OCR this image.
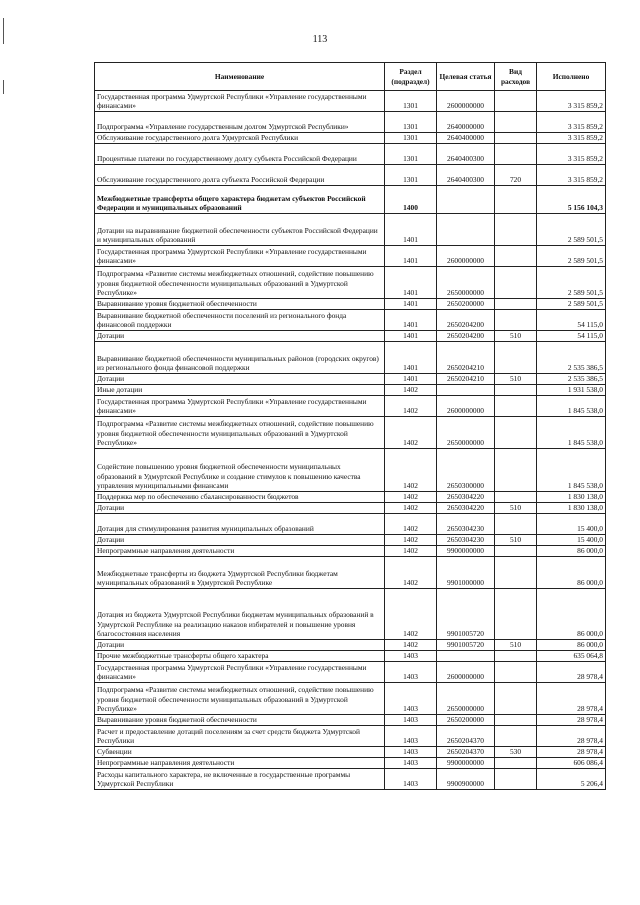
113
Наименование	Раздел (подраздел)	Целевая статья	Вид расходов	Исполнено
Государственная программа Удмуртской Республики «Управление государственными финансами»	1301	2600000000		3 315 859,2
Подпрограмма «Управление государственным долгом Удмуртской Республики»	1301	2640000000		3 315 859,2
Обслуживание государственного долга Удмуртской Республики	1301	2640400000		3 315 859,2
Процентные платежи по государственному долгу субъекта Российской Федерации	1301	2640400300		3 315 859,2
Обслуживание государственного долга субъекта Российской Федерации	1301	2640400300	720	3 315 859,2
Межбюджетные трансферты общего характера бюджетам субъектов Российской Федерации и муниципальных образований	1400			5 156 104,3
Дотации на выравнивание бюджетной обеспеченности субъектов Российской Федерации и муниципальных образований	1401			2 589 501,5
Государственная программа Удмуртской Республики «Управление государственными финансами»	1401	2600000000		2 589 501,5
Подпрограмма «Развитие системы межбюджетных отношений, содействие повышению уровня бюджетной обеспеченности муниципальных образований в Удмуртской Республике»	1401	2650000000		2 589 501,5
Выравнивание уровня бюджетной обеспеченности	1401	2650200000		2 589 501,5
Выравнивание бюджетной обеспеченности поселений из регионального фонда финансовой поддержки	1401	2650204200		54 115,0
Дотации	1401	2650204200	510	54 115,0
Выравнивание бюджетной обеспеченности муниципальных районов (городских округов) из регионального фонда финансовой поддержки	1401	2650204210		2 535 386,5
Дотации	1401	2650204210	510	2 535 386,5
Иные дотации	1402			1 931 538,0
Государственная программа Удмуртской Республики «Управление государственными финансами»	1402	2600000000		1 845 538,0
Подпрограмма «Развитие системы межбюджетных отношений, содействие повышению уровня бюджетной обеспеченности муниципальных образований в Удмуртской Республике»	1402	2650000000		1 845 538,0
Содействие повышению уровня бюджетной обеспеченности муниципальных образований в Удмуртской Республике и создание стимулов к повышению качества управления муниципальными финансами	1402	2650300000		1 845 538,0
Поддержка мер по обеспечению сбалансированности бюджетов	1402	2650304220		1 830 138,0
Дотации	1402	2650304220	510	1 830 138,0
Дотация для стимулирования развития муниципальных образований	1402	2650304230		15 400,0
Дотации	1402	2650304230	510	15 400,0
Непрограммные направления деятельности	1402	9900000000		86 000,0
Межбюджетные трансферты из бюджета Удмуртской Республики бюджетам муниципальных образований в Удмуртской Республике	1402	9901000000		86 000,0
Дотация из бюджета Удмуртской Республики бюджетам муниципальных образований в Удмуртской Республике на реализацию наказов избирателей и повышение уровня благосостояния населения	1402	9901005720		86 000,0
Дотации	1402	9901005720	510	86 000,0
Прочие межбюджетные трансферты общего характера	1403			635 064,8
Государственная программа Удмуртской Республики «Управление государственными финансами»	1403	2600000000		28 978,4
Подпрограмма «Развитие системы межбюджетных отношений, содействие повышению уровня бюджетной обеспеченности муниципальных образований в Удмуртской Республике»	1403	2650000000		28 978,4
Выравнивание уровня бюджетной обеспеченности	1403	2650200000		28 978,4
Расчет и предоставление дотаций поселениям за счет средств бюджета Удмуртской Республики	1403	2650204370		28 978,4
Субвенции	1403	2650204370	530	28 978,4
Непрограммные направления деятельности	1403	9900000000		606 086,4
Расходы капитального характера, не включенные в государственные программы Удмуртской Республики	1403	9900900000		5 206,4
